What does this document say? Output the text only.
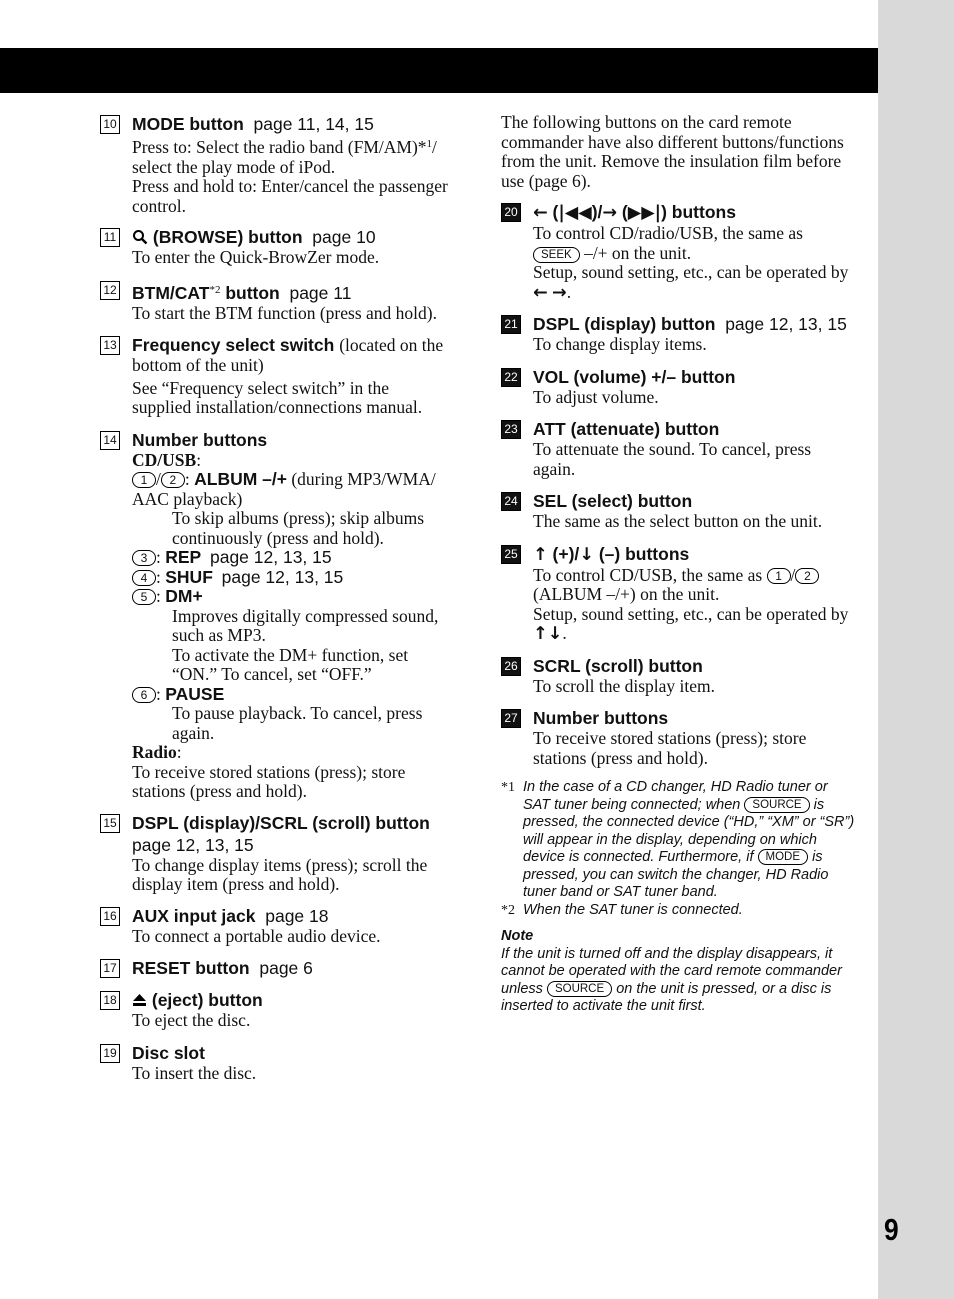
9
10 MODE button page 11, 14, 15
Press to: Select the radio band (FM/AM)*$^1$/
select the play mode of iPod.
Press and hold to: Enter/cancel the passenger
control.
11	(BROWSE) button page 10
To enter the Quick-BrowZer mode.
12 BTM/CAT$^{*2}$ button page 11
To start the BTM function (press and hold).
13 Frequency select switch (located on the
bottom of the unit)
See “Frequency select switch” in the
supplied installation/connections manual.
14 Number buttons
CD/USB:
1 / 2 : ALBUM –/+ (during MP3/WMA/
AAC playback)
To skip albums (press); skip albums
continuously (press and hold).
3 : REP page 12, 13, 15
4 : SHUF page 12, 13, 15
5 : DM+
Improves digitally compressed sound,
such as MP3.
To activate the DM+ function, set
“ON.” To cancel, set “OFF.”
6 : PAUSE
To pause playback. To cancel, press
again.
Radio:
To receive stored stations (press); store
stations (press and hold).
15 DSPL (display)/SCRL (scroll) button
page 12, 13, 15
To change display items (press); scroll the
display item (press and hold).
16 AUX input jack page 18
To connect a portable audio device.
17 RESET button page 6
18	(eject) button
To eject the disc.
19 Disc slot
To insert the disc.
The following buttons on the card remote
commander have also different buttons/functions
from the unit. Remove the insulation film before
use (page 6).
20 ← (|◀◀)/→ (▶▶|) buttons
To control CD/radio/USB, the same as
SEEK –/+ on the unit.
Setup, sound setting, etc., can be operated by
← →.
21 DSPL (display) button page 12, 13, 15
To change display items.
22 VOL (volume) +/– button
To adjust volume.
23 ATT (attenuate) button
To attenuate the sound. To cancel, press
again.
24 SEL (select) button
The same as the select button on the unit.
25 ↑ (+)/↓ (–) buttons
To control CD/USB, the same as 1 / 2
(ALBUM –/+) on the unit.
Setup, sound setting, etc., can be operated by
↑↓.
26 SCRL (scroll) button
To scroll the display item.
27 Number buttons
To receive stored stations (press); store
stations (press and hold).
*1 In the case of a CD changer, HD Radio tuner or
SAT tuner being connected; when SOURCE is
pressed, the connected device (“HD,” “XM” or “SR”)
will appear in the display, depending on which
device is connected. Furthermore, if MODE is
pressed, you can switch the changer, HD Radio
tuner band or SAT tuner band.
*2 When the SAT tuner is connected.
Note
If the unit is turned off and the display disappears, it
cannot be operated with the card remote commander
unless SOURCE on the unit is pressed, or a disc is
inserted to activate the unit first.
